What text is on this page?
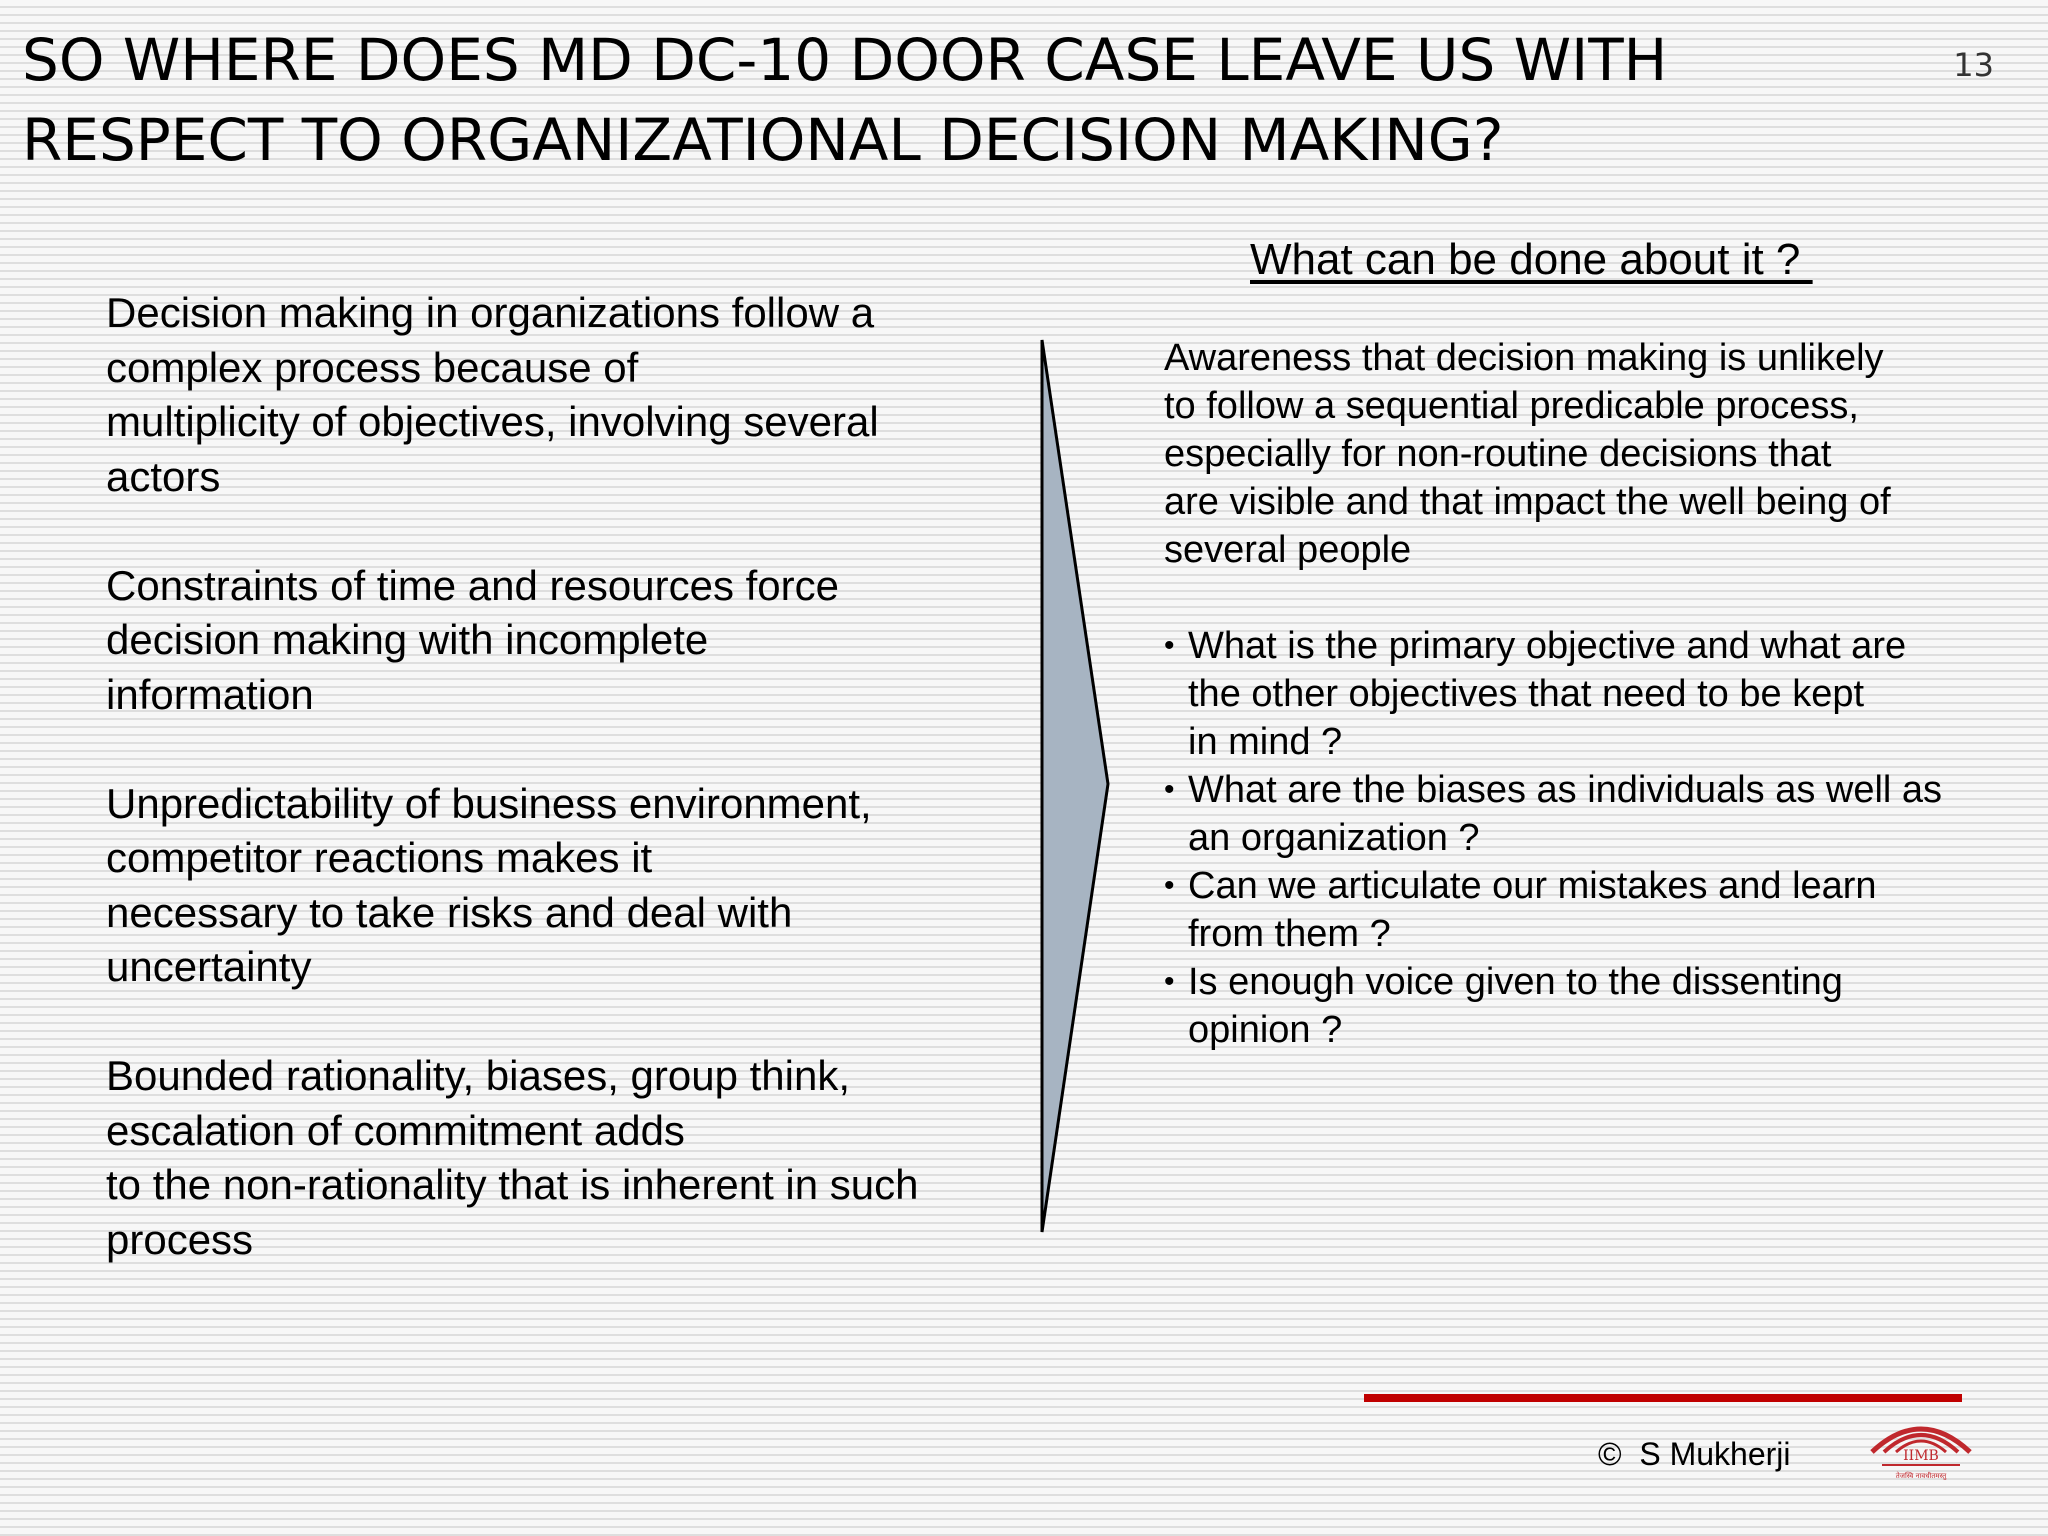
SO WHERE DOES MD DC-10 DOOR CASE LEAVE US WITH
RESPECT TO ORGANIZATIONAL DECISION MAKING?
13

Decision making in organizations follow a
complex process because of
multiplicity of objectives, involving several
actors

Constraints of time and resources force
decision making with incomplete
information

Unpredictability of business environment,
competitor reactions makes it
necessary to take risks and deal with
uncertainty

Bounded rationality, biases, group think,
escalation of commitment adds
to the non-rationality that is inherent in such
process

What can be done about it ?

Awareness that decision making is unlikely
to follow a sequential predicable process,
especially for non-routine decisions that
are visible and that impact the well being of
several people

• What is the primary objective and what are
the other objectives that need to be kept
in mind ?
• What are the biases as individuals as well as
an organization ?
• Can we articulate our mistakes and learn
from them ?
• Is enough voice given to the dissenting
opinion ?
©  S Mukherji	IIMB
तेजस्वि नावधीतमस्तु
